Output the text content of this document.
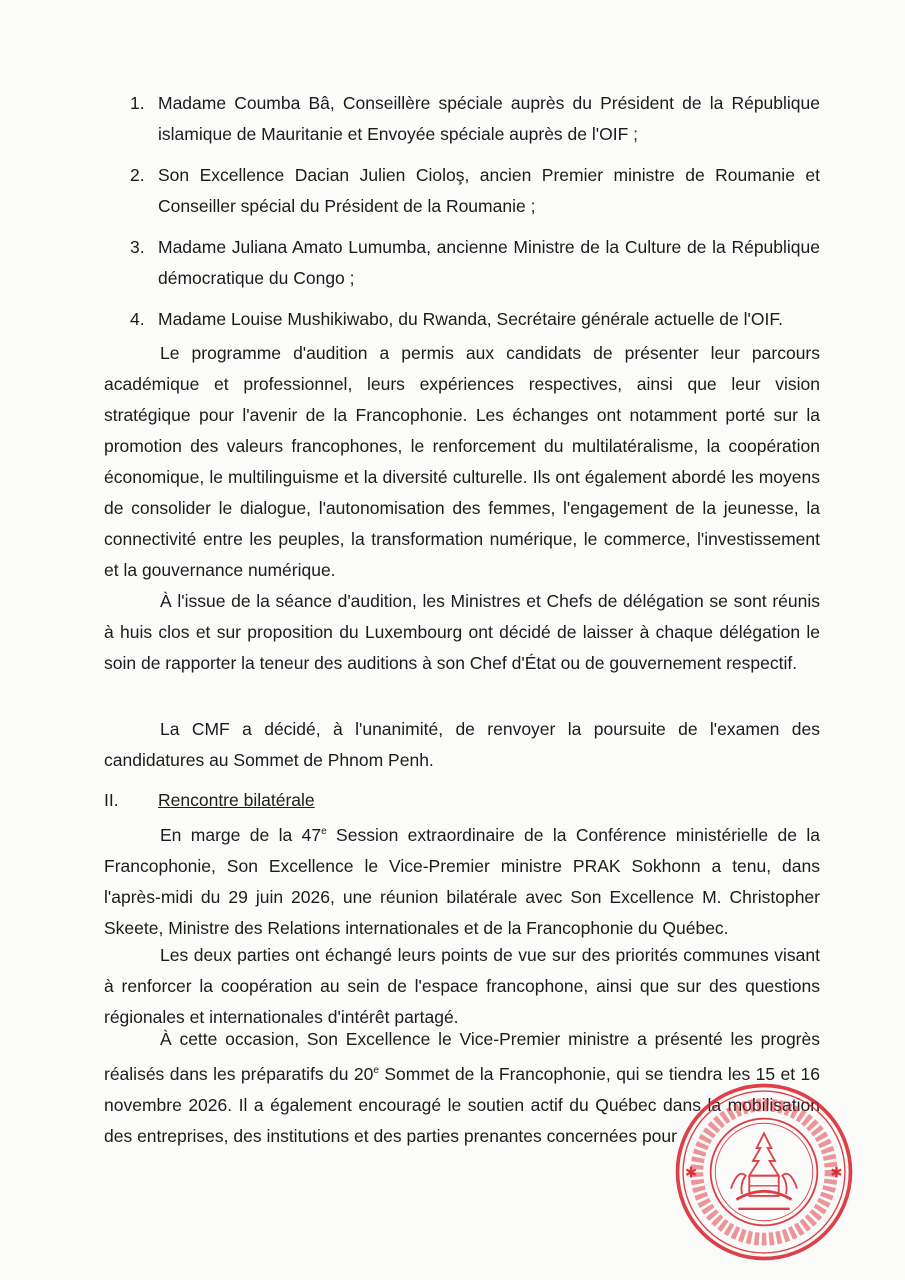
1. Madame Coumba Bâ, Conseillère spéciale auprès du Président de la République islamique de Mauritanie et Envoyée spéciale auprès de l'OIF ;
2. Son Excellence Dacian Julien Cioloş, ancien Premier ministre de Roumanie et Conseiller spécial du Président de la Roumanie ;
3. Madame Juliana Amato Lumumba, ancienne Ministre de la Culture de la République démocratique du Congo ;
4. Madame Louise Mushikiwabo, du Rwanda, Secrétaire générale actuelle de l'OIF.

Le programme d'audition a permis aux candidats de présenter leur parcours académique et professionnel, leurs expériences respectives, ainsi que leur vision stratégique pour l'avenir de la Francophonie. Les échanges ont notamment porté sur la promotion des valeurs francophones, le renforcement du multilatéralisme, la coopération économique, le multilinguisme et la diversité culturelle. Ils ont également abordé les moyens de consolider le dialogue, l'autonomisation des femmes, l'engagement de la jeunesse, la connectivité entre les peuples, la transformation numérique, le commerce, l'investissement et la gouvernance numérique.

À l'issue de la séance d'audition, les Ministres et Chefs de délégation se sont réunis à huis clos et sur proposition du Luxembourg ont décidé de laisser à chaque délégation le soin de rapporter la teneur des auditions à son Chef d'État ou de gouvernement respectif.

La CMF a décidé, à l'unanimité, de renvoyer la poursuite de l'examen des candidatures au Sommet de Phnom Penh.

II.	Rencontre bilatérale

En marge de la 47e Session extraordinaire de la Conférence ministérielle de la Francophonie, Son Excellence le Vice-Premier ministre PRAK Sokhonn a tenu, dans l'après-midi du 29 juin 2026, une réunion bilatérale avec Son Excellence M. Christopher Skeete, Ministre des Relations internationales et de la Francophonie du Québec.

Les deux parties ont échangé leurs points de vue sur des priorités communes visant à renforcer la coopération au sein de l'espace francophone, ainsi que sur des questions régionales et internationales d'intérêt partagé.

À cette occasion, Son Excellence le Vice-Premier ministre a présenté les progrès réalisés dans les préparatifs du 20e Sommet de la Francophonie, qui se tiendra les 15 et 16 novembre 2026. Il a également encouragé le soutien actif du Québec dans la mobilisation des entreprises, des institutions et des parties prenantes concernées pour

✱	✱
